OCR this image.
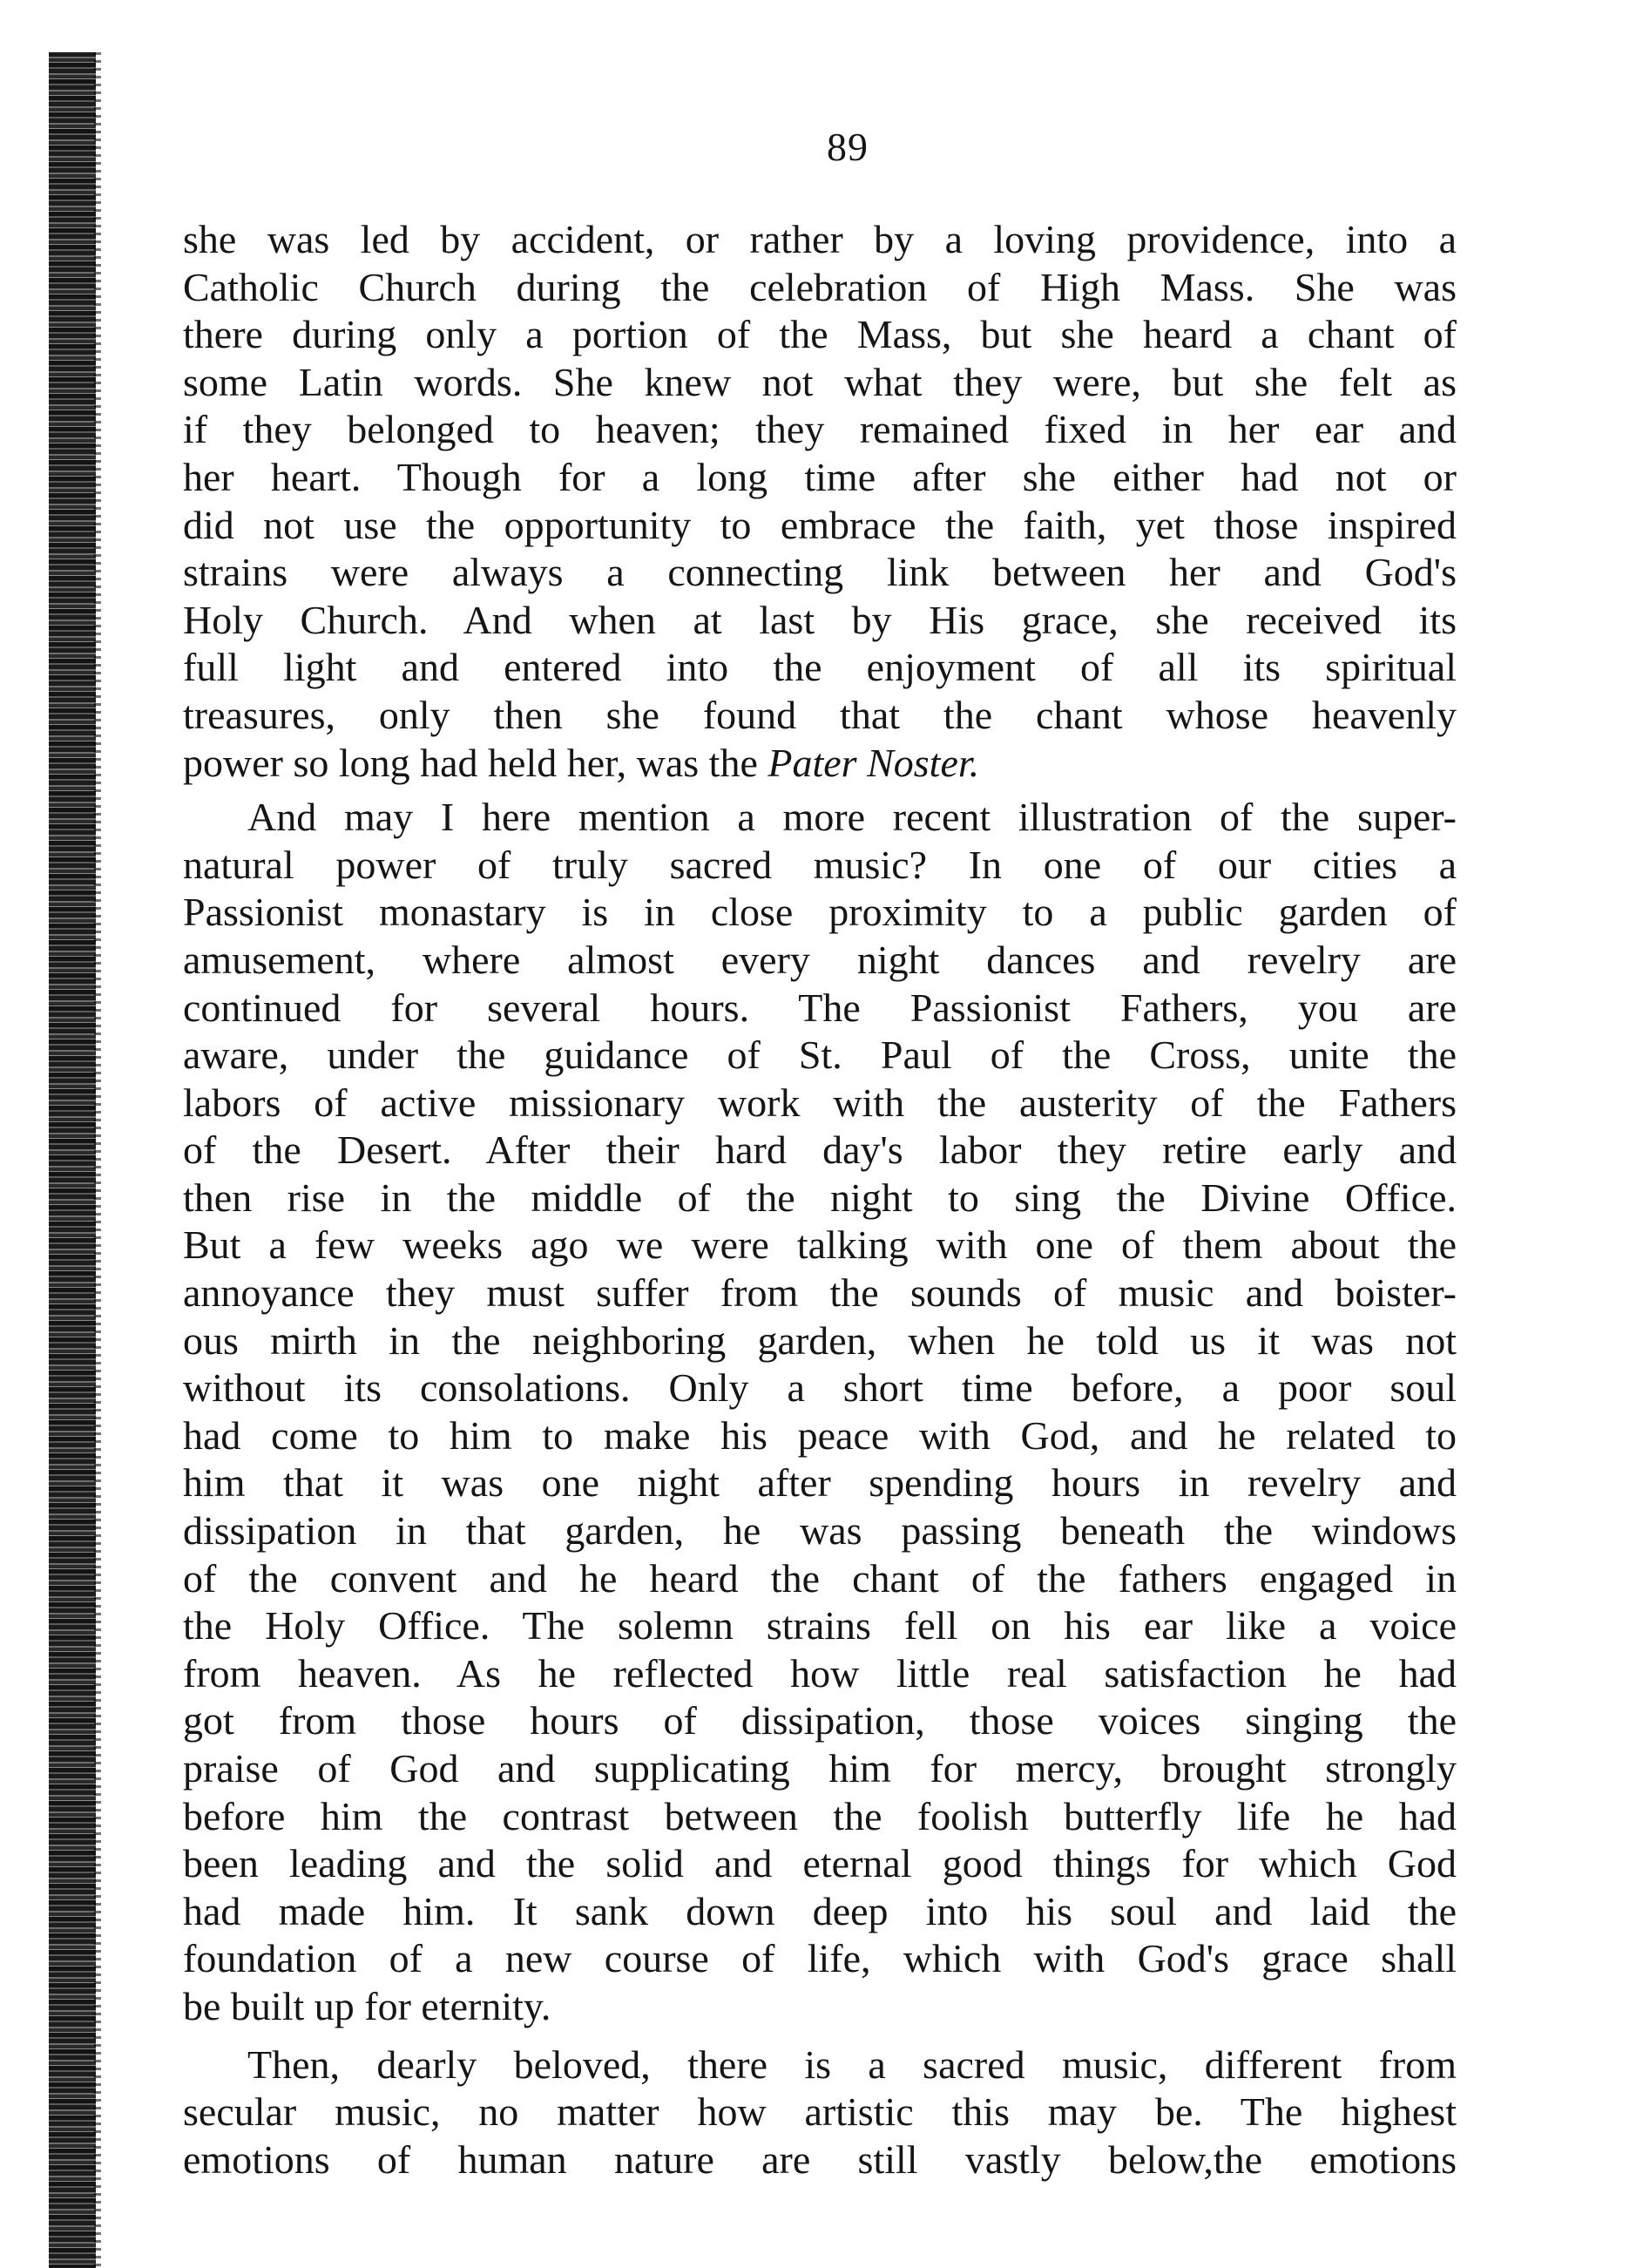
89

she was led by accident, or rather by a loving providence, into a
Catholic Church during the celebration of High Mass. She was
there during only a portion of the Mass, but she heard a chant of
some Latin words. She knew not what they were, but she felt as
if they belonged to heaven; they remained fixed in her ear and
her heart. Though for a long time after she either had not or
did not use the opportunity to embrace the faith, yet those inspired
strains were always a connecting link between her and God's
Holy Church. And when at last by His grace, she received its
full light and entered into the enjoyment of all its spiritual
treasures, only then she found that the chant whose heavenly
power so long had held her, was the Pater Noster.

And may I here mention a more recent illustration of the super-
natural power of truly sacred music? In one of our cities a
Passionist monastary is in close proximity to a public garden of
amusement, where almost every night dances and revelry are
continued for several hours. The Passionist Fathers, you are
aware, under the guidance of St. Paul of the Cross, unite the
labors of active missionary work with the austerity of the Fathers
of the Desert. After their hard day's labor they retire early and
then rise in the middle of the night to sing the Divine Office.
But a few weeks ago we were talking with one of them about the
annoyance they must suffer from the sounds of music and boister-
ous mirth in the neighboring garden, when he told us it was not
without its consolations. Only a short time before, a poor soul
had come to him to make his peace with God, and he related to
him that it was one night after spending hours in revelry and
dissipation in that garden, he was passing beneath the windows
of the convent and he heard the chant of the fathers engaged in
the Holy Office. The solemn strains fell on his ear like a voice
from heaven. As he reflected how little real satisfaction he had
got from those hours of dissipation, those voices singing the
praise of God and supplicating him for mercy, brought strongly
before him the contrast between the foolish butterfly life he had
been leading and the solid and eternal good things for which God
had made him. It sank down deep into his soul and laid the
foundation of a new course of life, which with God's grace shall
be built up for eternity.

Then, dearly beloved, there is a sacred music, different from
secular music, no matter how artistic this may be. The highest
emotions of human nature are still vastly below,the emotions
